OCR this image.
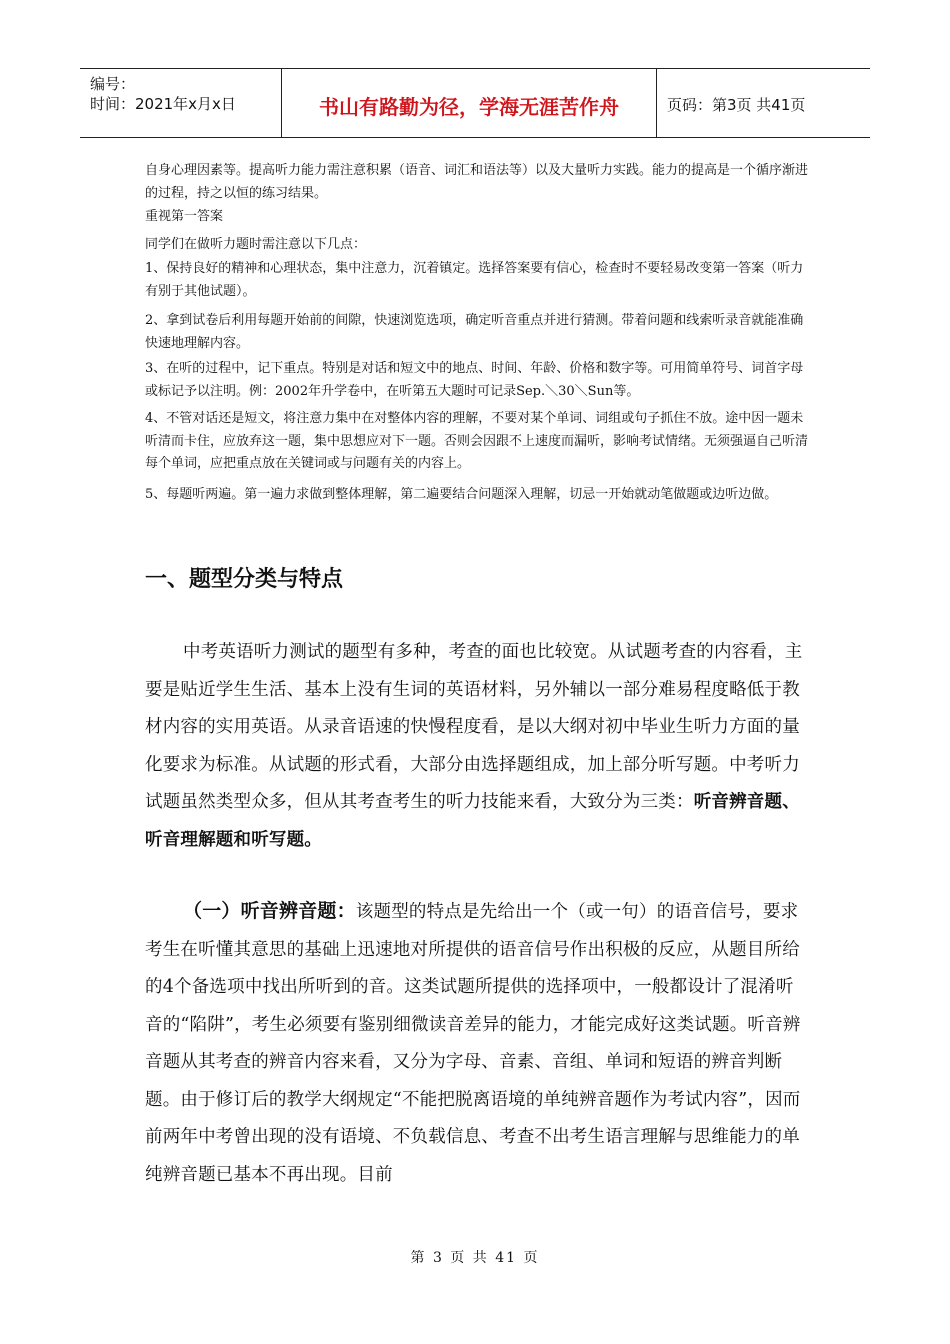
编号：
时间：2021年x月x日	书山有路勤为径，学海无涯苦作舟	页码：第3页 共41页

自身心理因素等。提高听力能力需注意积累（语音、词汇和语法等）以及大量听力实践。能力的提高是一个循序渐进的过程，持之以恒的练习结果。

重视第一答案

同学们在做听力题时需注意以下几点：

1、保持良好的精神和心理状态，集中注意力，沉着镇定。选择答案要有信心，检查时不要轻易改变第一答案（听力有别于其他试题）。

2、拿到试卷后利用每题开始前的间隙，快速浏览选项，确定听音重点并进行猜测。带着问题和线索听录音就能准确快速地理解内容。

3、在听的过程中，记下重点。特别是对话和短文中的地点、时间、年龄、价格和数字等。可用简单符号、词首字母或标记予以注明。例：2002年升学卷中，在听第五大题时可记录Sep.＼30＼Sun等。

4、不管对话还是短文，将注意力集中在对整体内容的理解，不要对某个单词、词组或句子抓住不放。途中因一题未听清而卡住，应放弃这一题，集中思想应对下一题。否则会因跟不上速度而漏听，影响考试情绪。无须强逼自己听清每个单词，应把重点放在关键词或与问题有关的内容上。

5、每题听两遍。第一遍力求做到整体理解，第二遍要结合问题深入理解，切忌一开始就动笔做题或边听边做。

一、题型分类与特点

中考英语听力测试的题型有多种，考查的面也比较宽。从试题考查的内容看，主要是贴近学生生活、基本上没有生词的英语材料，另外辅以一部分难易程度略低于教材内容的实用英语。从录音语速的快慢程度看，是以大纲对初中毕业生听力方面的量化要求为标准。从试题的形式看，大部分由选择题组成，加上部分听写题。中考听力试题虽然类型众多，但从其考查考生的听力技能来看，大致分为三类：听音辨音题、听音理解题和听写题。

（一）听音辨音题：该题型的特点是先给出一个（或一句）的语音信号，要求考生在听懂其意思的基础上迅速地对所提供的语音信号作出积极的反应，从题目所给的4个备选项中找出所听到的音。这类试题所提供的选择项中，一般都设计了混淆听音的“陷阱”，考生必须要有鉴别细微读音差异的能力，才能完成好这类试题。听音辨音题从其考查的辨音内容来看，又分为字母、音素、音组、单词和短语的辨音判断题。由于修订后的教学大纲规定“不能把脱离语境的单纯辨音题作为考试内容”，因而前两年中考曾出现的没有语境、不负载信息、考查不出考生语言理解与思维能力的单纯辨音题已基本不再出现。目前

第 3 页 共 41 页
